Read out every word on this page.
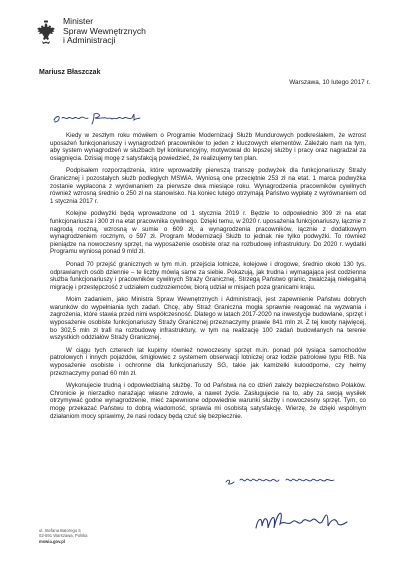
Minister
Spraw Wewnętrznych
i Administracji
Mariusz Błaszczak
Warszawa, 10 lutego 2017 r.

Kiedy w zeszłym roku mówiłem o Programie Modernizacji Służb Mundurowych podkreślałem, że wzrost uposażeń funkcjonariuszy i wynagrodzeń pracowników to jeden z kluczowych elementów. Zależało nam na tym, aby system wynagrodzeń w służbach był konkurencyjny, motywował do lepszej służby i pracy oraz nagradzał za osiągnięcia. Dzisiaj mogę z satysfakcją powiedzieć, że realizujemy ten plan.

Podpisałem rozporządzenia, które wprowadziły pierwszą transzę podwyżek dla funkcjonariuszy Straży Granicznej i pozostałych służb podległych MSWiA. Wyniosą one przeciętnie 253 zł na etat. 1 marca podwyżka zostanie wypłacona z wyrównaniem za pierwsze dwa miesiące roku. Wynagrodzenia pracowników cywilnych również wzrosną średnio o 250 zł na stanowisko. Na koniec lutego otrzymają Państwo wypłatę z wyrównaniem od 1 stycznia 2017 r.

Kolejne podwyżki będą wprowadzone od 1 stycznia 2019 r. Będzie to odpowiednio 309 zł na etat funkcjonariusza i 300 zł na etat pracownika cywilnego. Dzięki temu, w 2020 r. uposażenia funkcjonariuszy, łącznie z nagrodą roczną, wzrosną w sumie o 609 zł, a wynagrodzenia pracowników, łącznie z dodatkowym wynagrodzeniem rocznym, o 597 zł. Program Modernizacji Służb to jednak nie tylko podwyżki. To również pieniądze na nowoczesny sprzęt, na wyposażenie osobiste oraz na rozbudowę infrastruktury. Do 2020 r. wydatki Programu wyniosą ponad 9 mld zł.

Ponad 70 przejść granicznych w tym m.in. przejścia lotnicze, kolejowe i drogowe, średnio około 130 tys. odprawianych osób dziennie – te liczby mówią same za siebie. Pokazują, jak trudna i wymagająca jest codzienna służba funkcjonariuszy i pracowników cywilnych Straży Granicznej. Strzegą Państwo granic, zwalczają nielegalną migrację i przestępczość z udziałem cudzoziemców, biorą udział w misjach poza granicami kraju.

Moim zadaniem, jako Ministra Spraw Wewnętrznych i Administracji, jest zapewnienie Państwu dobrych warunków do wypełniania tych zadań. Chcę, aby Straż Graniczna mogła sprawnie reagować na wyzwania i zagrożenia, które stawia przed nimi współczesność. Dlatego w latach 2017-2020 na inwestycje budowlane, sprzęt i wyposażenie osobiste funkcjonariuszy Straży Granicznej przeznaczymy prawie 841 mln zł. Z tej kwoty najwięcej, bo 302,5 mln zł trafi na rozbudowę infrastruktury, w tym na realizację 100 zadań budowlanych na terenie wszystkich oddziałów Straży Granicznej.

W ciągu tych czterech lat kupimy również nowoczesny sprzęt m.in. ponad pół tysiąca samochodów patrolowych i innych pojazdów, śmigłowiec z systemem obserwacji lotniczej oraz łodzie patrolowe typu RIB. Na wyposażenie osobiste i ochronne dla funkcjonariuszy SG, takie jak kamizelki kuloodporne, czy hełmy przeznaczymy ponad 60 mln zł.

Wykonujecie trudną i odpowiedzialną służbę. To od Państwa na co dzień zależy bezpieczeństwo Polaków. Chronicie je nierzadko narażając własne zdrowie, a nawet życie. Zasługujecie na to, aby za swoją wysiłek otrzymywać godne wynagrodzenie, mieć zapewnione odpowiednie warunki służby i nowoczesny sprzęt. Tym, co mogę przekazać Państwu to dobrą wiadomość, sprawia mi osobistą satysfakcję. Wierzę, że dzięki wspólnym działaniom mocy sprawimy, że nasi rodacy będą czuć się bezpiecznie.

ul. Stefana Batorego 5
02-591 Warszawa, Polska
mswia.gov.pl
